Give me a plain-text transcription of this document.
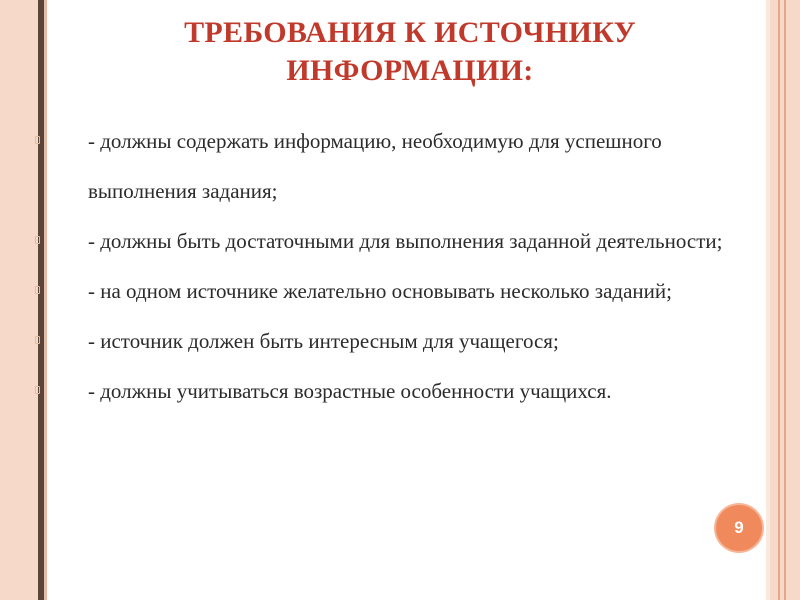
ТРЕБОВАНИЯ К ИСТОЧНИКУ ИНФОРМАЦИИ:
- должны содержать информацию, необходимую для успешного выполнения задания;
- должны быть достаточными для выполнения заданной деятельности;
- на одном источнике желательно основывать несколько заданий;
- источник должен быть интересным для учащегося;
- должны учитываться возрастные особенности учащихся.
9
